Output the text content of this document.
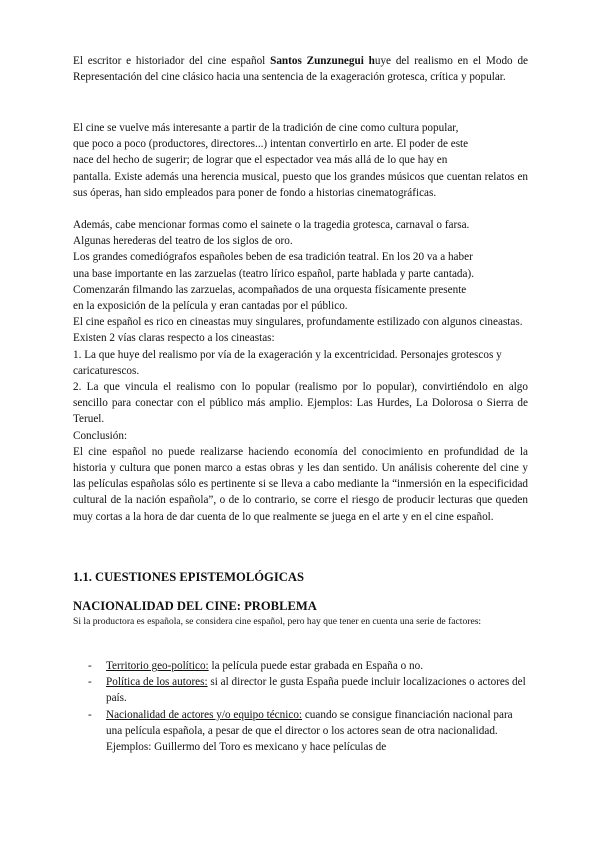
El escritor e historiador del cine español Santos Zunzunegui huye del realismo en el Modo de Representación del cine clásico hacia una sentencia de la exageración grotesca, crítica y popular.

El cine se vuelve más interesante a partir de la tradición de cine como cultura popular,
que poco a poco (productores, directores...) intentan convertirlo en arte. El poder de este
nace del hecho de sugerir; de lograr que el espectador vea más allá de lo que hay en
pantalla. Existe además una herencia musical, puesto que los grandes músicos que cuentan relatos en sus óperas, han sido empleados para poner de fondo a historias cinematográficas.
Además, cabe mencionar formas como el sainete o la tragedia grotesca, carnaval o farsa.
Algunas herederas del teatro de los siglos de oro.
Los grandes comediógrafos españoles beben de esa tradición teatral. En los 20 va a haber
una base importante en las zarzuelas (teatro lírico español, parte hablada y parte cantada).
Comenzarán filmando las zarzuelas, acompañados de una orquesta físicamente presente
en la exposición de la película y eran cantadas por el público.
El cine español es rico en cineastas muy singulares, profundamente estilizado con algunos cineastas.
Existen 2 vías claras respecto a los cineastas:
1. La que huye del realismo por vía de la exageración y la excentricidad. Personajes grotescos y caricaturescos.
2. La que vincula el realismo con lo popular (realismo por lo popular), convirtiéndolo en algo sencillo para conectar con el público más amplio. Ejemplos: Las Hurdes, La Dolorosa o Sierra de Teruel.
Conclusión:
El cine español no puede realizarse haciendo economía del conocimiento en profundidad de la historia y cultura que ponen marco a estas obras y les dan sentido. Un análisis coherente del cine y las películas españolas sólo es pertinente si se lleva a cabo mediante la “inmersión en la especificidad cultural de la nación española”, o de lo contrario, se corre el riesgo de producir lecturas que queden muy cortas a la hora de dar cuenta de lo que realmente se juega en el arte y en el cine español.
1.1. CUESTIONES EPISTEMOLÓGICAS
NACIONALIDAD DEL CINE: PROBLEMA
Si la productora es española, se considera cine español, pero hay que tener en cuenta una serie de factores:
- Territorio geo-político: la película puede estar grabada en España o no.
- Política de los autores: si al director le gusta España puede incluir localizaciones o actores del país.
- Nacionalidad de actores y/o equipo técnico: cuando se consigue financiación nacional para una película española, a pesar de que el director o los actores sean de otra nacionalidad. Ejemplos: Guillermo del Toro es mexicano y hace películas de
